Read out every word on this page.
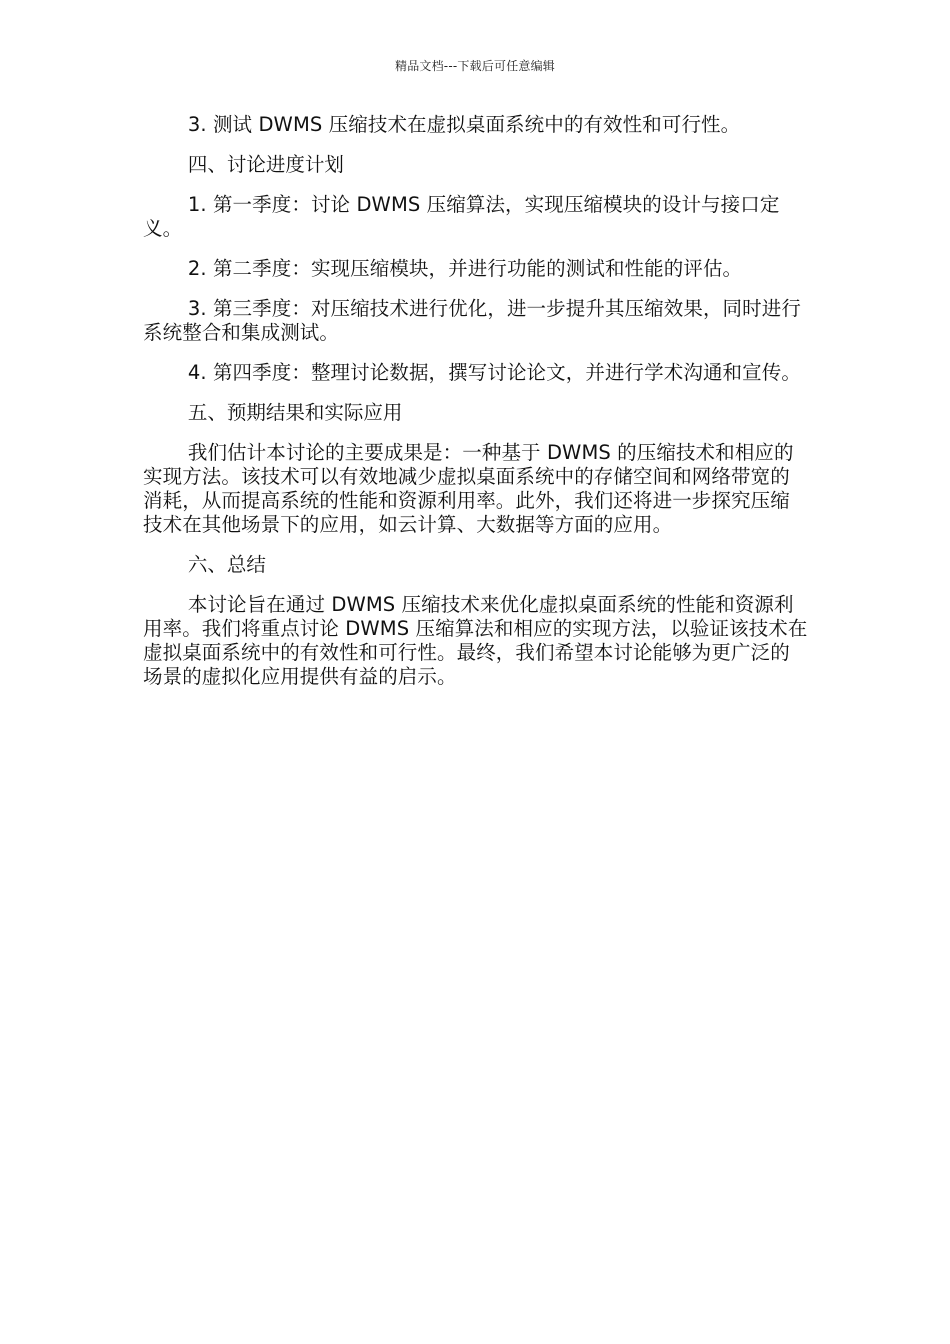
精品文档---下载后可任意编辑

3. 测试 DWMS 压缩技术在虚拟桌面系统中的有效性和可行性。

四、讨论进度计划

1. 第一季度：讨论 DWMS 压缩算法，实现压缩模块的设计与接口定义。

2. 第二季度：实现压缩模块，并进行功能的测试和性能的评估。

3. 第三季度：对压缩技术进行优化，进一步提升其压缩效果，同时进行系统整合和集成测试。

4. 第四季度：整理讨论数据，撰写讨论论文，并进行学术沟通和宣传。

五、预期结果和实际应用

我们估计本讨论的主要成果是：一种基于 DWMS 的压缩技术和相应的实现方法。该技术可以有效地减少虚拟桌面系统中的存储空间和网络带宽的消耗，从而提高系统的性能和资源利用率。此外，我们还将进一步探究压缩技术在其他场景下的应用，如云计算、大数据等方面的应用。

六、总结

本讨论旨在通过 DWMS 压缩技术来优化虚拟桌面系统的性能和资源利用率。我们将重点讨论 DWMS 压缩算法和相应的实现方法，以验证该技术在虚拟桌面系统中的有效性和可行性。最终，我们希望本讨论能够为更广泛的场景的虚拟化应用提供有益的启示。
